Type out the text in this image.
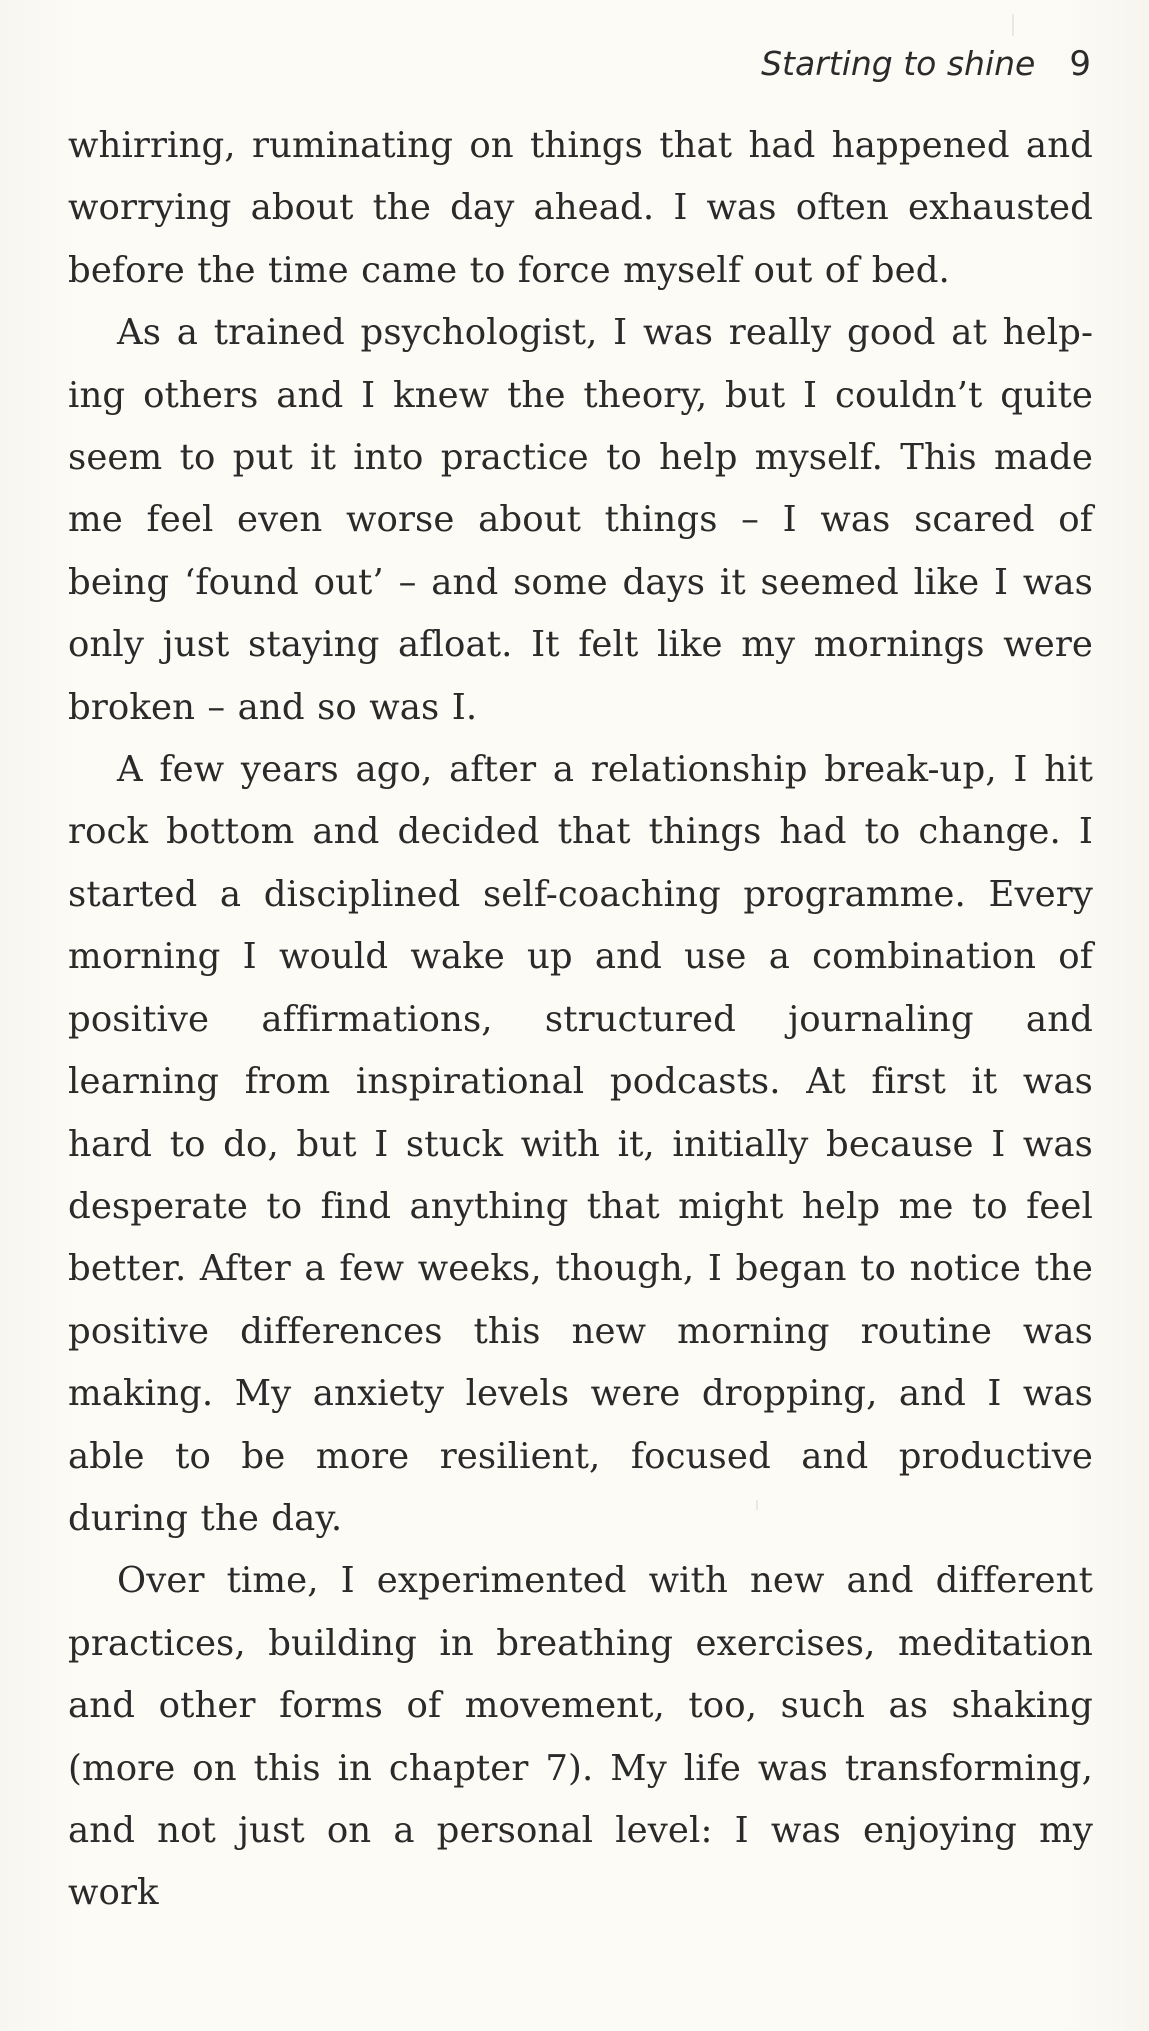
Starting to shine 9

whirring, ruminating on things that had happened and worrying about the day ahead. I was often exhausted before the time came to force myself out of bed.

As a trained psychologist, I was really good at helping others and I knew the theory, but I couldn’t quite seem to put it into practice to help myself. This made me feel even worse about things – I was scared of being ‘found out’ – and some days it seemed like I was only just staying afloat. It felt like my mornings were broken – and so was I.

A few years ago, after a relationship break-up, I hit rock bottom and decided that things had to change. I started a disciplined self-coaching programme. Every morning I would wake up and use a combination of positive affirmations, structured journaling and learning from inspirational podcasts. At first it was hard to do, but I stuck with it, initially because I was desperate to find anything that might help me to feel better. After a few weeks, though, I began to notice the positive differences this new morning routine was making. My anxiety levels were dropping, and I was able to be more resilient, focused and productive during the day.

Over time, I experimented with new and different practices, building in breathing exercises, meditation and other forms of movement, too, such as shaking (more on this in chapter 7). My life was transforming, and not just on a personal level: I was enjoying my work
